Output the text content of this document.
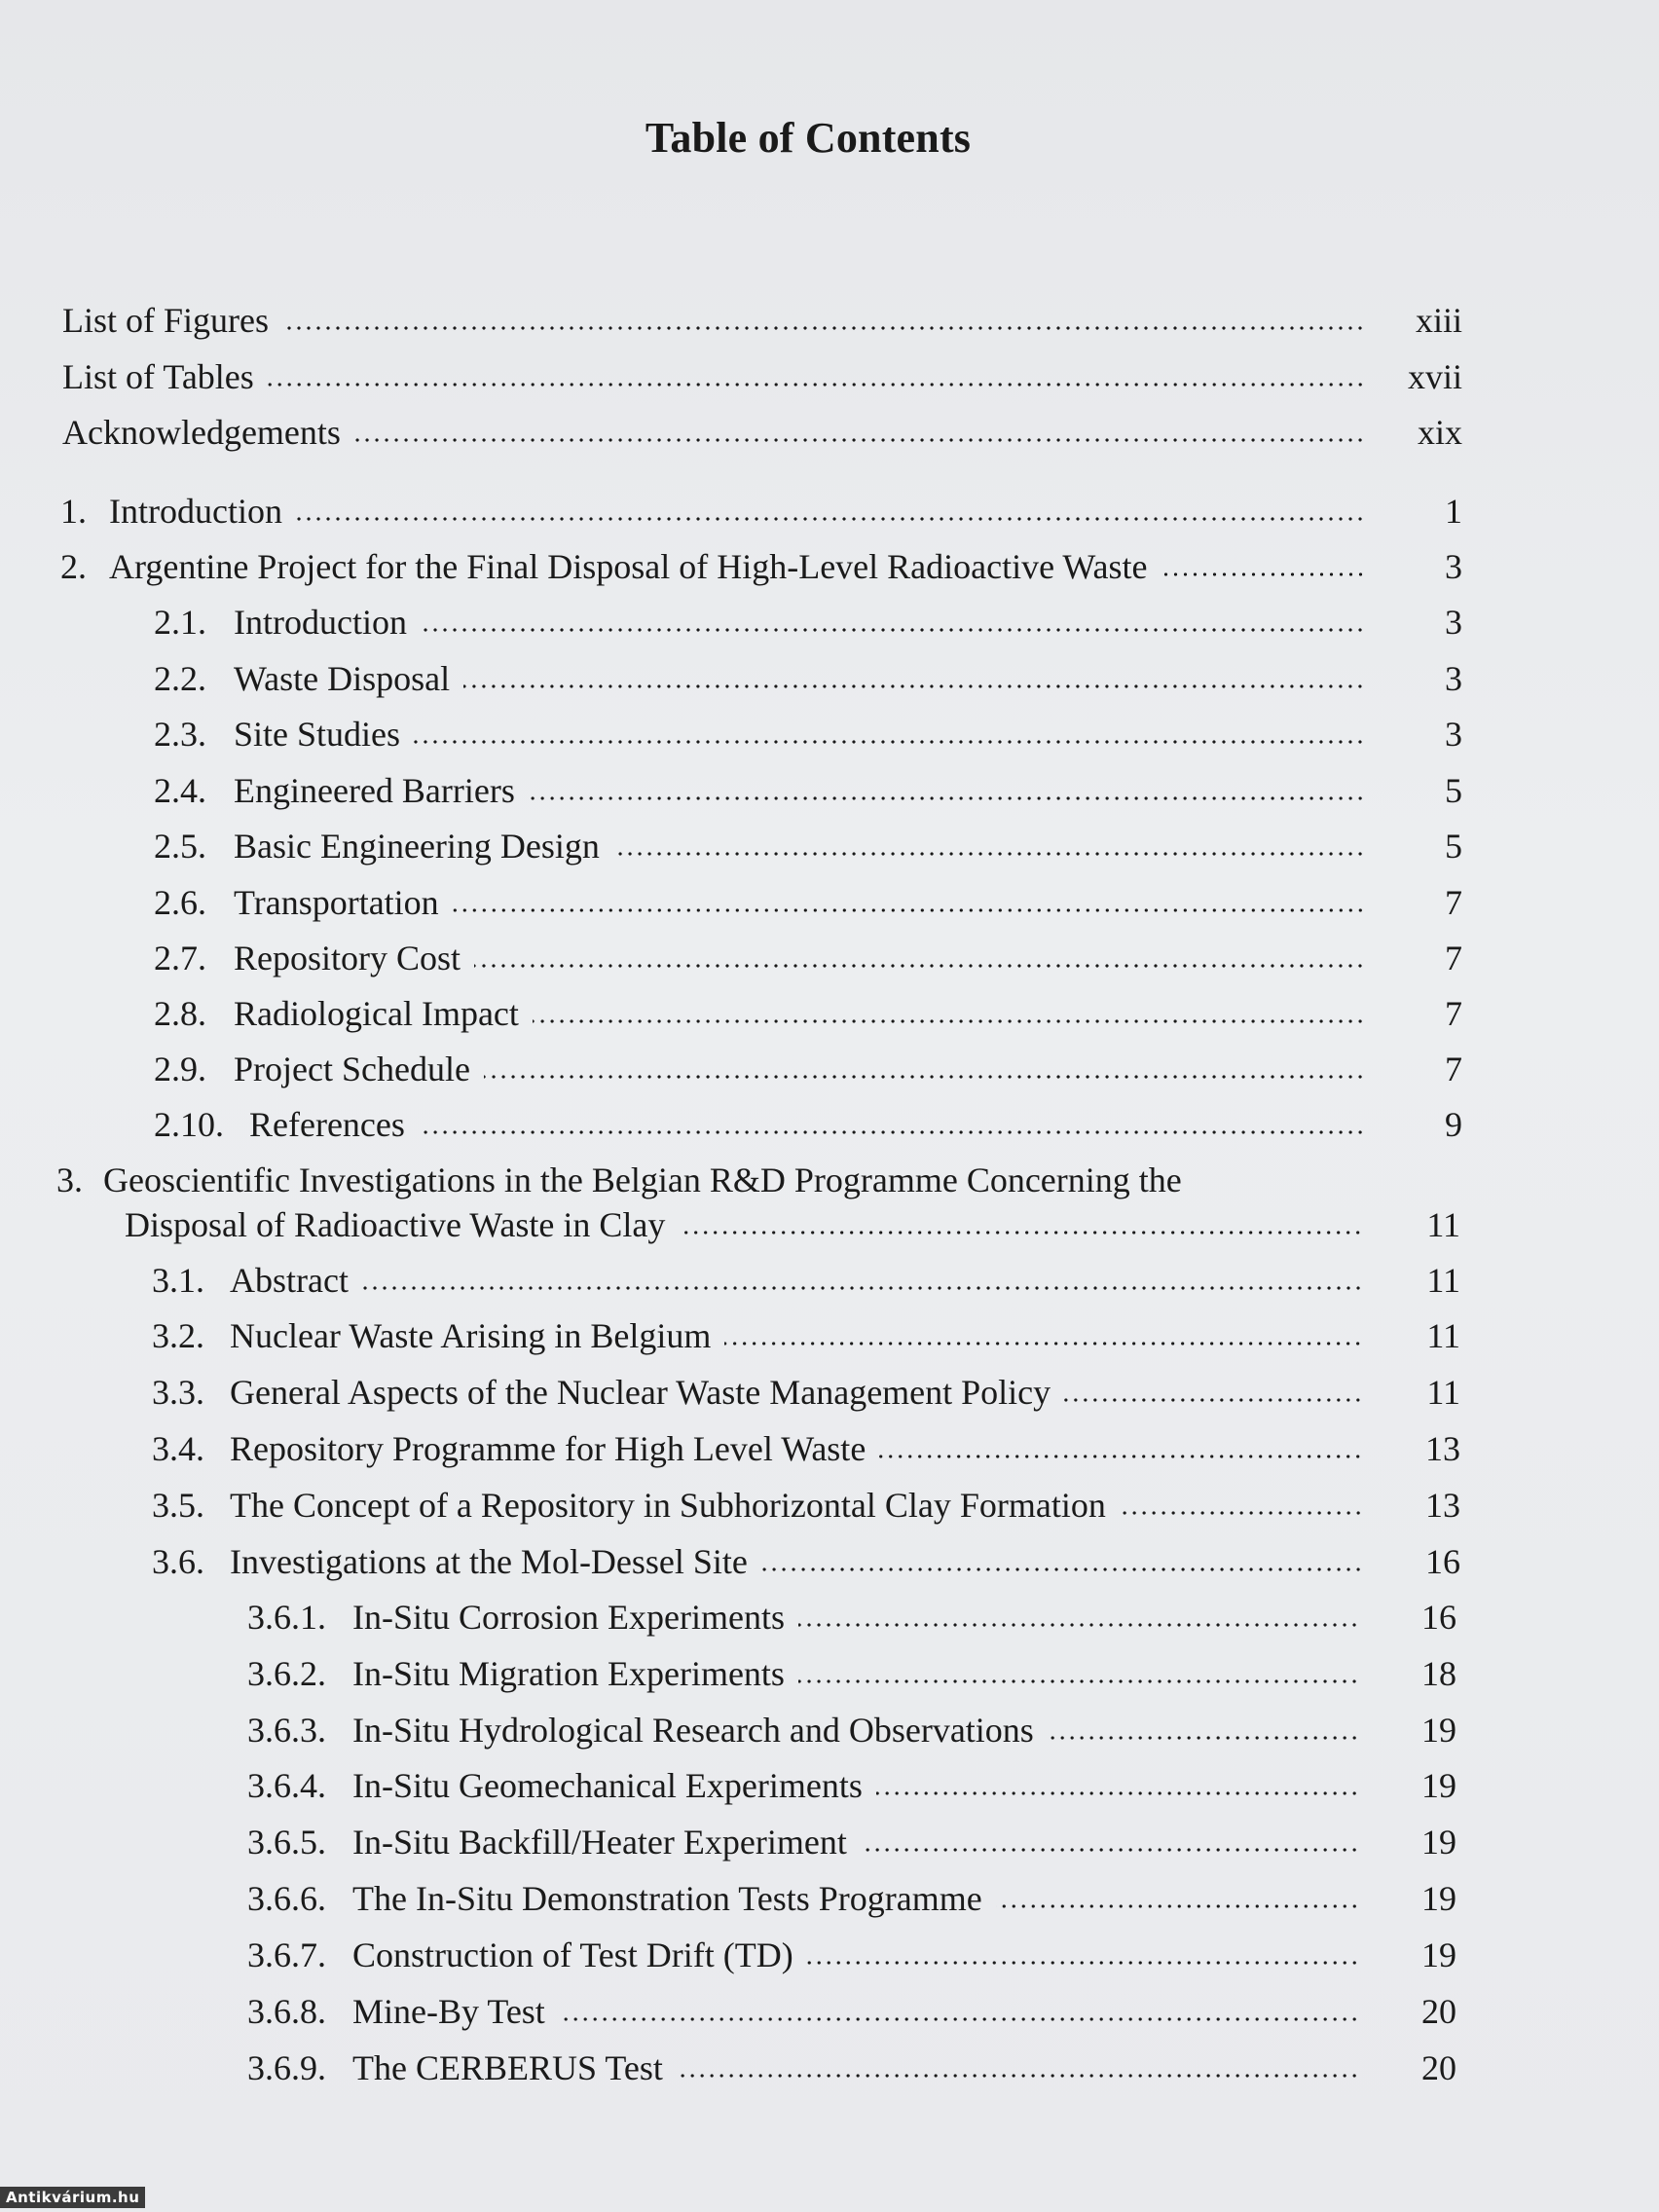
Table of Contents
List of Figures	xiii
List of Tables	xvii
Acknowledgements	xix
1. Introduction	1
2. Argentine Project for the Final Disposal of High-Level Radioactive Waste	3
2.1. Introduction	3
2.2. Waste Disposal	3
2.3. Site Studies	3
2.4. Engineered Barriers	5
2.5. Basic Engineering Design	5
2.6. Transportation	7
2.7. Repository Cost	7
2.8. Radiological Impact	7
2.9. Project Schedule	7
2.10. References	9
3. Geoscientific Investigations in the Belgian R&D Programme Concerning the
Disposal of Radioactive Waste in Clay	11
3.1. Abstract	11
3.2. Nuclear Waste Arising in Belgium	11
3.3. General Aspects of the Nuclear Waste Management Policy	11
3.4. Repository Programme for High Level Waste	13
3.5. The Concept of a Repository in Subhorizontal Clay Formation	13
3.6. Investigations at the Mol-Dessel Site	16
3.6.1. In-Situ Corrosion Experiments	16
3.6.2. In-Situ Migration Experiments	18
3.6.3. In-Situ Hydrological Research and Observations	19
3.6.4. In-Situ Geomechanical Experiments	19
3.6.5. In-Situ Backfill/Heater Experiment	19
3.6.6. The In-Situ Demonstration Tests Programme	19
3.6.7. Construction of Test Drift (TD)	19
3.6.8. Mine-By Test	20
3.6.9. The CERBERUS Test	20
Antikvárium.hu
